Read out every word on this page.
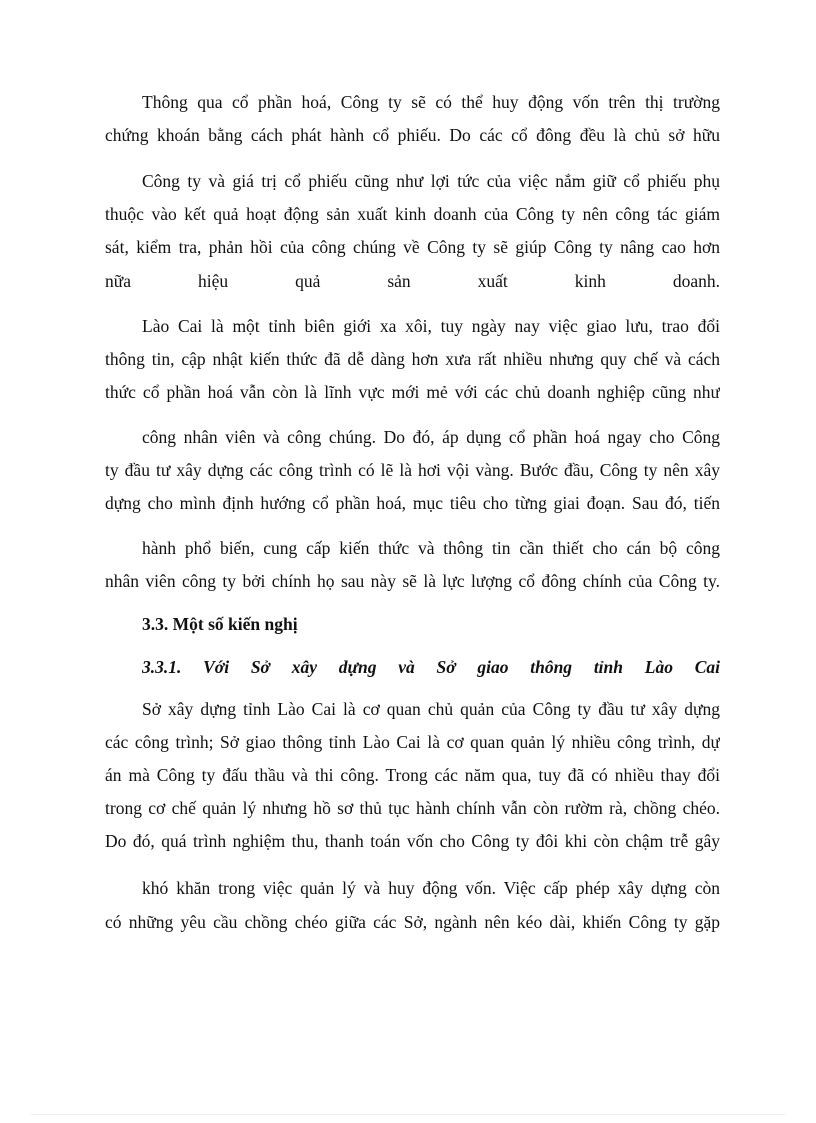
Thông qua cổ phần hoá, Công ty sẽ có thể huy động vốn trên thị trường
chứng khoán bằng cách phát hành cổ phiếu. Do các cổ đông đều là chủ sở hữu
Công ty và giá trị cổ phiếu cũng như lợi tức của việc nắm giữ cổ phiếu phụ
thuộc vào kết quả hoạt động sản xuất kinh doanh của Công ty nên công tác giám
sát, kiểm tra, phản hồi của công chúng về Công ty sẽ giúp Công ty nâng cao hơn
nữa hiệu quả sản xuất kinh doanh.
Lào Cai là một tỉnh biên giới xa xôi, tuy ngày nay việc giao lưu, trao đổi
thông tin, cập nhật kiến thức đã dễ dàng hơn xưa rất nhiều nhưng quy chế và cách
thức cổ phần hoá vẫn còn là lĩnh vực mới mẻ với các chủ doanh nghiệp cũng như
công nhân viên và công chúng. Do đó, áp dụng cổ phần hoá ngay cho Công
ty đầu tư xây dựng các công trình có lẽ là hơi vội vàng. Bước đầu, Công ty nên xây
dựng cho mình định hướng cổ phần hoá, mục tiêu cho từng giai đoạn. Sau đó, tiến
hành phổ biến, cung cấp kiến thức và thông tin cần thiết cho cán bộ công
nhân viên công ty bởi chính họ sau này sẽ là lực lượng cổ đông chính của Công ty.
3.3. Một số kiến nghị
3.3.1. Với Sở xây dựng và Sở giao thông tỉnh Lào Cai
Sở xây dựng tỉnh Lào Cai là cơ quan chủ quản của Công ty đầu tư xây dựng
các công trình; Sở giao thông tỉnh Lào Cai là cơ quan quản lý nhiều công trình, dự
án mà Công ty đấu thầu và thi công. Trong các năm qua, tuy đã có nhiều thay đổi
trong cơ chế quản lý nhưng hồ sơ thủ tục hành chính vẫn còn rườm rà, chồng chéo.
Do đó, quá trình nghiệm thu, thanh toán vốn cho Công ty đôi khi còn chậm trễ gây
khó khăn trong việc quản lý và huy động vốn. Việc cấp phép xây dựng còn
có những yêu cầu chồng chéo giữa các Sở, ngành nên kéo dài, khiến Công ty gặp
